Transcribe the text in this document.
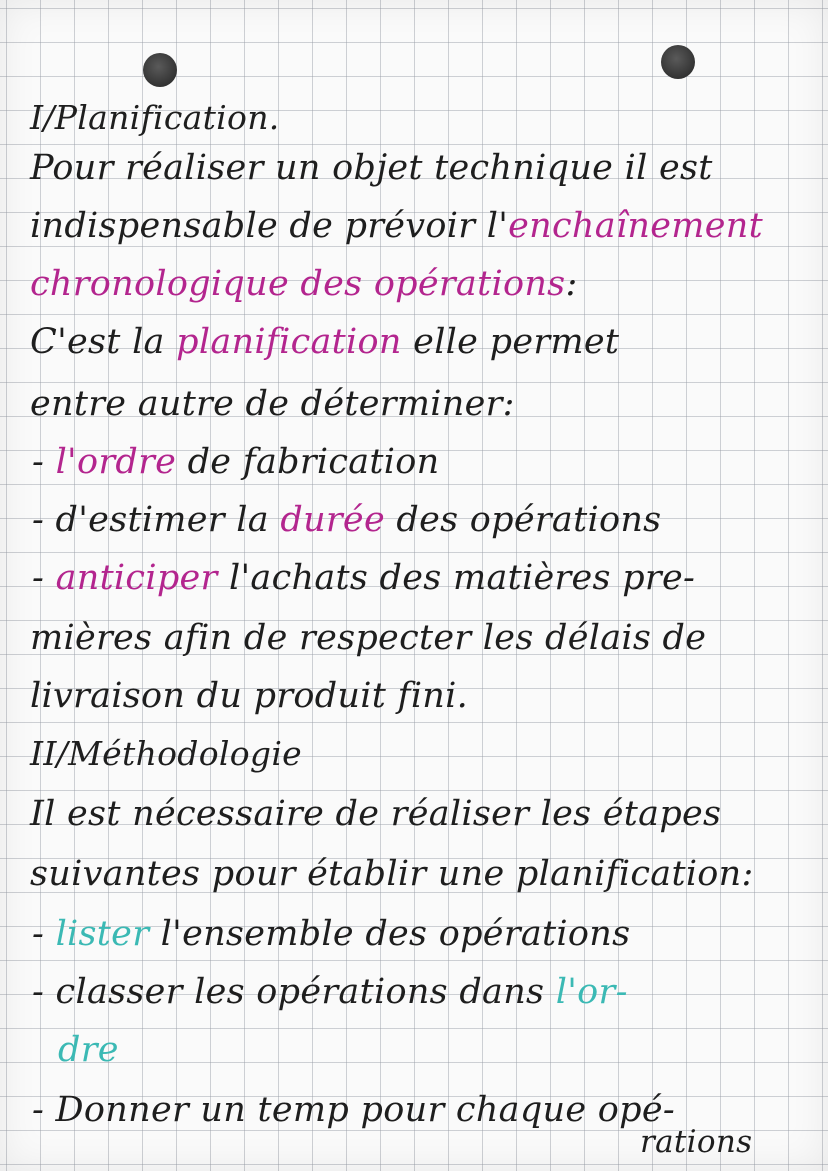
I/Planification.
Pour réaliser un objet technique il est
indispensable de prévoir l'enchaînement
chronologique des opérations:
C'est la planification elle permet
entre autre de déterminer:
- l'ordre de fabrication
- d'estimer la durée des opérations
- anticiper l'achats des matières pre-
mières afin de respecter les délais de
livraison du produit fini.
II/Méthodologie
Il est nécessaire de réaliser les étapes
suivantes pour établir une planification:
- lister l'ensemble des opérations
- classer les opérations dans l'or-
dre
- Donner un temp pour chaque opé-
rations
